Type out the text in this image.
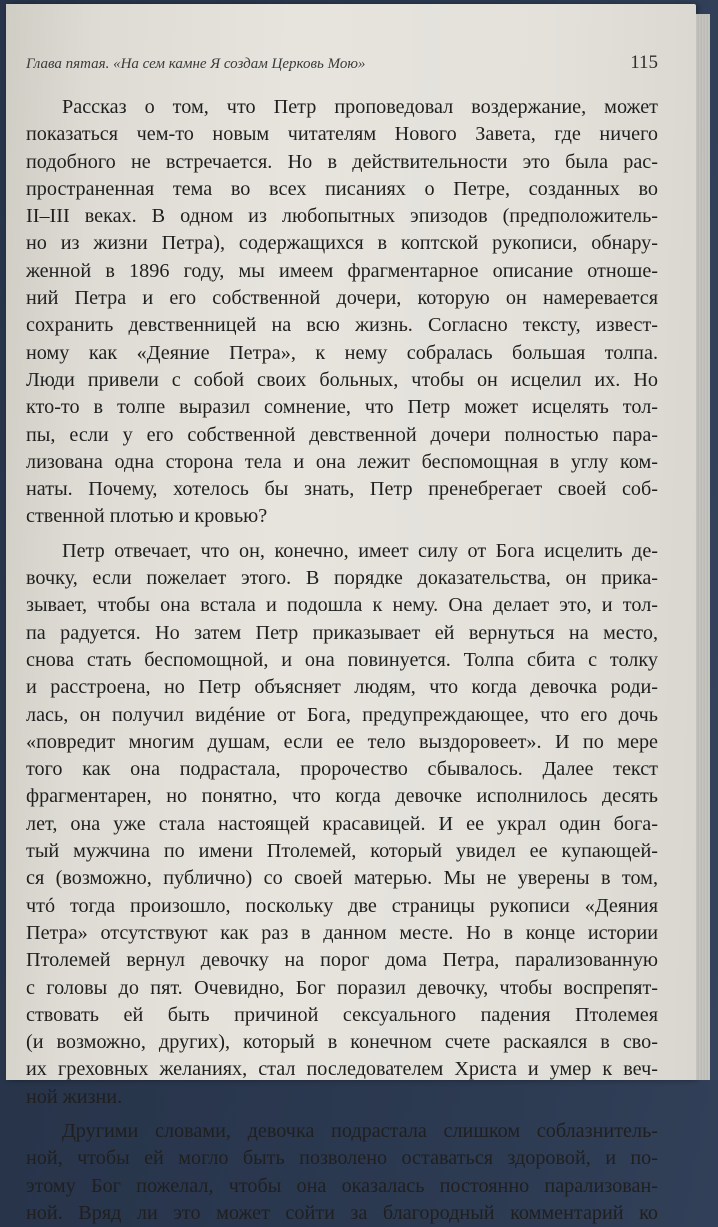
Глава пятая. «На сем камне Я создам Церковь Мою»	115

Рассказ о том, что Петр проповедовал воздержание, может
показаться чем-то новым читателям Нового Завета, где ничего
подобного не встречается. Но в действительности это была рас-
пространенная тема во всех писаниях о Петре, созданных во
II–III веках. В одном из любопытных эпизодов (предположитель-
но из жизни Петра), содержащихся в коптской рукописи, обнару-
женной в 1896 году, мы имеем фрагментарное описание отноше-
ний Петра и его собственной дочери, которую он намеревается
сохранить девственницей на всю жизнь. Согласно тексту, извест-
ному как «Деяние Петра», к нему собралась большая толпа.
Люди привели с собой своих больных, чтобы он исцелил их. Но
кто-то в толпе выразил сомнение, что Петр может исцелять тол-
пы, если у его собственной девственной дочери полностью пара-
лизована одна сторона тела и она лежит беспомощная в углу ком-
наты. Почему, хотелось бы знать, Петр пренебрегает своей соб-
ственной плотью и кровью?

Петр отвечает, что он, конечно, имеет силу от Бога исцелить де-
вочку, если пожелает этого. В порядке доказательства, он прика-
зывает, чтобы она встала и подошла к нему. Она делает это, и тол-
па радуется. Но затем Петр приказывает ей вернуться на место,
снова стать беспомощной, и она повинуется. Толпа сбита с толку
и расстроена, но Петр объясняет людям, что когда девочка роди-
лась, он получил видéние от Бога, предупреждающее, что его дочь
«повредит многим душам, если ее тело выздоровеет». И по мере
того как она подрастала, пророчество сбывалось. Далее текст
фрагментарен, но понятно, что когда девочке исполнилось десять
лет, она уже стала настоящей красавицей. И ее украл один бога-
тый мужчина по имени Птолемей, который увидел ее купающей-
ся (возможно, публично) со своей матерью. Мы не уверены в том,
чтó тогда произошло, поскольку две страницы рукописи «Деяния
Петра» отсутствуют как раз в данном месте. Но в конце истории
Птолемей вернул девочку на порог дома Петра, парализованную
с головы до пят. Очевидно, Бог поразил девочку, чтобы воспрепят-
ствовать ей быть причиной сексуального падения Птолемея
(и возможно, других), который в конечном счете раскаялся в сво-
их греховных желаниях, стал последователем Христа и умер к веч-
ной жизни.

Другими словами, девочка подрастала слишком соблазнитель-
ной, чтобы ей могло быть позволено оставаться здоровой, и по-
этому Бог пожелал, чтобы она оказалась постоянно парализован-
ной. Вряд ли это может сойти за благородный комментарий ко
